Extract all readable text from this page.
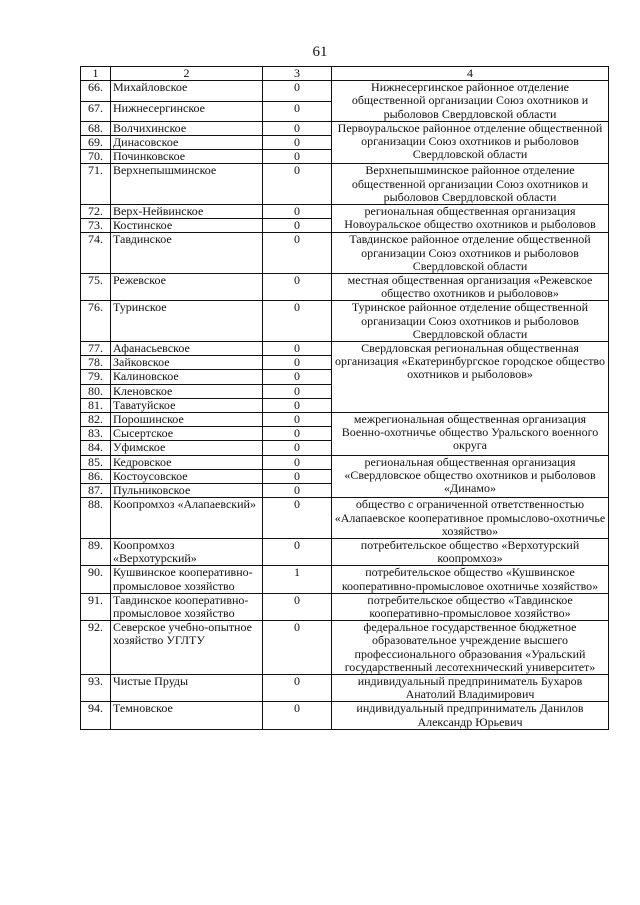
61
1	2	3	4
66.	Михайловское	0	Нижнесергинское районное отделение общественной организации Союз охотников и рыболовов Свердловской области
67.	Нижнесергинское	0	
68.	Волчихинское	0	Первоуральское районное отделение общественной организации Союз охотников и рыболовов Свердловской области
69.	Динасовское	0	
70.	Починковское	0	
71.	Верхнепышминское	0	Верхнепышминское районное отделение общественной организации Союз охотников и рыболовов Свердловской области
72.	Верх-Нейвинское	0	региональная общественная организация Новоуральское общество охотников и рыболовов
73.	Костинское	0	
74.	Тавдинское	0	Тавдинское районное отделение общественной организации Союз охотников и рыболовов Свердловской области
75.	Режевское	0	местная общественная организация «Режевское общество охотников и рыболовов»
76.	Туринское	0	Туринское районное отделение общественной организации Союз охотников и рыболовов Свердловской области
77.	Афанасьевское	0	Свердловская региональная общественная организация «Екатеринбургское городское общество охотников и рыболовов»
78.	Зайковское	0	
79.	Калиновское	0	
80.	Кленовское	0	
81.	Таватуйское	0	
82.	Порошинское	0	межрегиональная общественная организация Военно-охотничье общество Уральского военного округа
83.	Сысертское	0	
84.	Уфимское	0	
85.	Кедровское	0	региональная общественная организация «Свердловское общество охотников и рыболовов «Динамо»
86.	Костоусовское	0	
87.	Пульниковское	0	
88.	Коопромхоз «Алапаевский»	0	общество с ограниченной ответственностью «Алапаевское кооперативное промыслово-охотничье хозяйство»
89.	Коопромхоз «Верхотурский»	0	потребительское общество «Верхотурский коопромхоз»
90.	Кушвинское кооперативно-промысловое хозяйство	1	потребительское общество «Кушвинское кооперативно-промысловое охотничье хозяйство»
91.	Тавдинское кооперативно-промысловое хозяйство	0	потребительское общество «Тавдинское кооперативно-промысловое хозяйство»
92.	Северское учебно-опытное хозяйство УГЛТУ	0	федеральное государственное бюджетное образовательное учреждение высшего профессионального образования «Уральский государственный лесотехнический университет»
93.	Чистые Пруды	0	индивидуальный предприниматель Бухаров Анатолий Владимирович
94.	Темновское	0	индивидуальный предприниматель Данилов Александр Юрьевич
